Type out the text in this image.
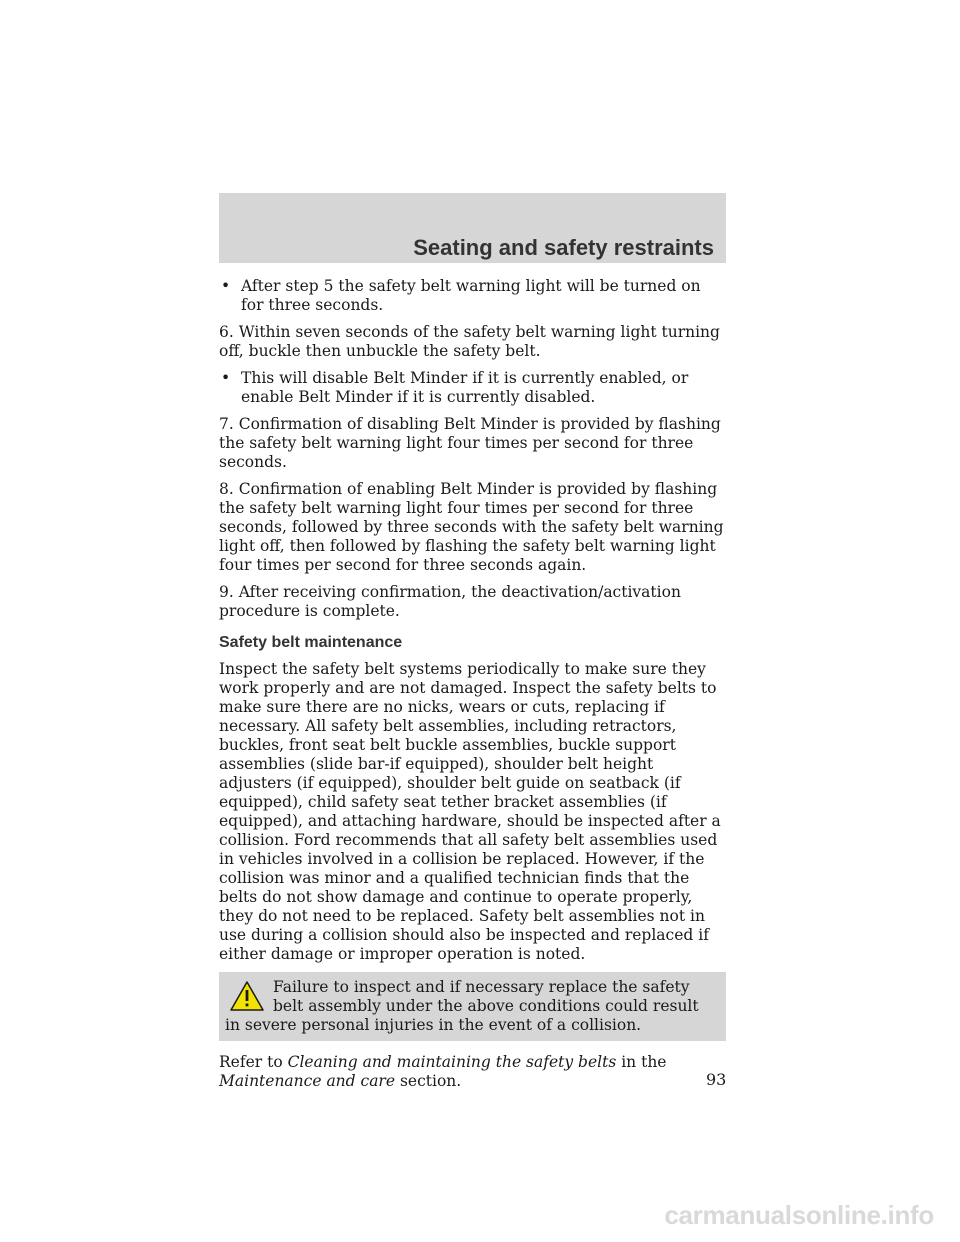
Seating and safety restraints
• After step 5 the safety belt warning light will be turned on for three seconds.

6. Within seven seconds of the safety belt warning light turning off, buckle then unbuckle the safety belt.

• This will disable Belt Minder if it is currently enabled, or enable Belt Minder if it is currently disabled.

7. Confirmation of disabling Belt Minder is provided by flashing the safety belt warning light four times per second for three seconds.

8. Confirmation of enabling Belt Minder is provided by flashing the safety belt warning light four times per second for three seconds, followed by three seconds with the safety belt warning light off, then followed by flashing the safety belt warning light four times per second for three seconds again.

9. After receiving confirmation, the deactivation/activation procedure is complete.

Safety belt maintenance

Inspect the safety belt systems periodically to make sure they work properly and are not damaged. Inspect the safety belts to make sure there are no nicks, wears or cuts, replacing if necessary. All safety belt assemblies, including retractors, buckles, front seat belt buckle assemblies, buckle support assemblies (slide bar-if equipped), shoulder belt height adjusters (if equipped), shoulder belt guide on seatback (if equipped), child safety seat tether bracket assemblies (if equipped), and attaching hardware, should be inspected after a collision. Ford recommends that all safety belt assemblies used in vehicles involved in a collision be replaced. However, if the collision was minor and a qualified technician finds that the belts do not show damage and continue to operate properly, they do not need to be replaced. Safety belt assemblies not in use during a collision should also be inspected and replaced if either damage or improper operation is noted.

Failure to inspect and if necessary replace the safety belt assembly under the above conditions could result in severe personal injuries in the event of a collision.

Refer to Cleaning and maintaining the safety belts in the Maintenance and care section.	93
carmanualsonline.info
